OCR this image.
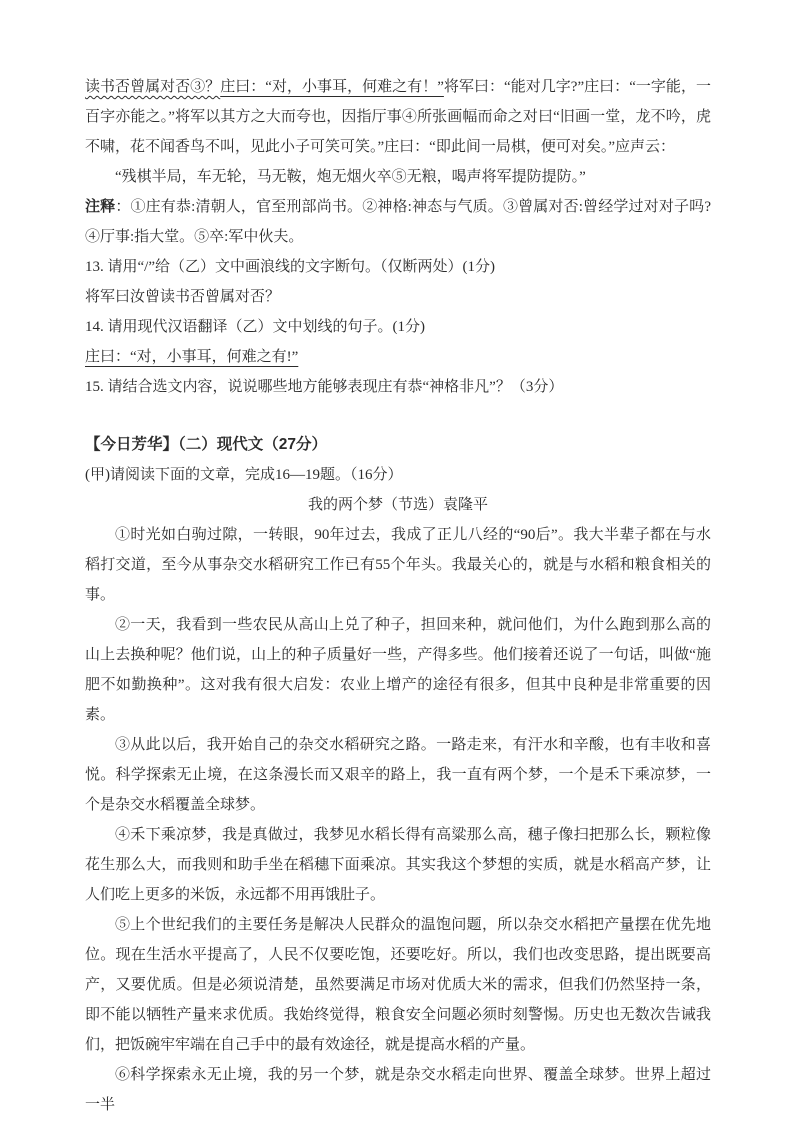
读书否曾属对否③？庄曰：“对，小事耳，何难之有！”将军曰：“能对几字?”庄曰：“一字能，一百字亦能之。”将军以其方之大而夸也，因指厅事④所张画幅而命之对曰“旧画一堂，龙不吟，虎不啸，花不闻香鸟不叫，见此小子可笑可笑。”庄曰：“即此间一局棋，便可对矣。”应声云：
“残棋半局，车无轮，马无鞍，炮无烟火卒⑤无粮，喝声将军提防提防。”
注释：①庄有恭:清朝人，官至刑部尚书。②神格:神态与气质。③曾属对否:曾经学过对对子吗?④厅事:指大堂。⑤卒:军中伙夫。
13. 请用“/”给（乙）文中画浪线的文字断句。（仅断两处）(1分)
将军曰汝曾读书否曾属对否？
14. 请用现代汉语翻译（乙）文中划线的句子。(1分)
庄曰：“对，小事耳，何难之有!”
15. 请结合选文内容，说说哪些地方能够表现庄有恭“神格非凡”？（3分）
【今日芳华】（二）现代文（27分）
(甲)请阅读下面的文章，完成16—19题。（16分）
我的两个梦（节选）袁隆平
①时光如白驹过隙，一转眼，90年过去，我成了正儿八经的“90后”。我大半辈子都在与水稻打交道，至今从事杂交水稻研究工作已有55个年头。我最关心的，就是与水稻和粮食相关的事。
②一天，我看到一些农民从高山上兑了种子，担回来种，就问他们，为什么跑到那么高的山上去换种呢？他们说，山上的种子质量好一些，产得多些。他们接着还说了一句话，叫做“施肥不如勤换种”。这对我有很大启发：农业上增产的途径有很多，但其中良种是非常重要的因素。
③从此以后，我开始自己的杂交水稻研究之路。一路走来，有汗水和辛酸，也有丰收和喜悦。科学探索无止境，在这条漫长而又艰辛的路上，我一直有两个梦，一个是禾下乘凉梦，一个是杂交水稻覆盖全球梦。
④禾下乘凉梦，我是真做过，我梦见水稻长得有高粱那么高，穗子像扫把那么长，颗粒像花生那么大，而我则和助手坐在稻穗下面乘凉。其实我这个梦想的实质，就是水稻高产梦，让人们吃上更多的米饭，永远都不用再饿肚子。
⑤上个世纪我们的主要任务是解决人民群众的温饱问题，所以杂交水稻把产量摆在优先地位。现在生活水平提高了，人民不仅要吃饱，还要吃好。所以，我们也改变思路，提出既要高产，又要优质。但是必须说清楚，虽然要满足市场对优质大米的需求，但我们仍然坚持一条，即不能以牺牲产量来求优质。我始终觉得，粮食安全问题必须时刻警惕。历史也无数次告诫我们，把饭碗牢牢端在自己手中的最有效途径，就是提高水稻的产量。
⑥科学探索永无止境，我的另一个梦，就是杂交水稻走向世界、覆盖全球梦。世界上超过一半
